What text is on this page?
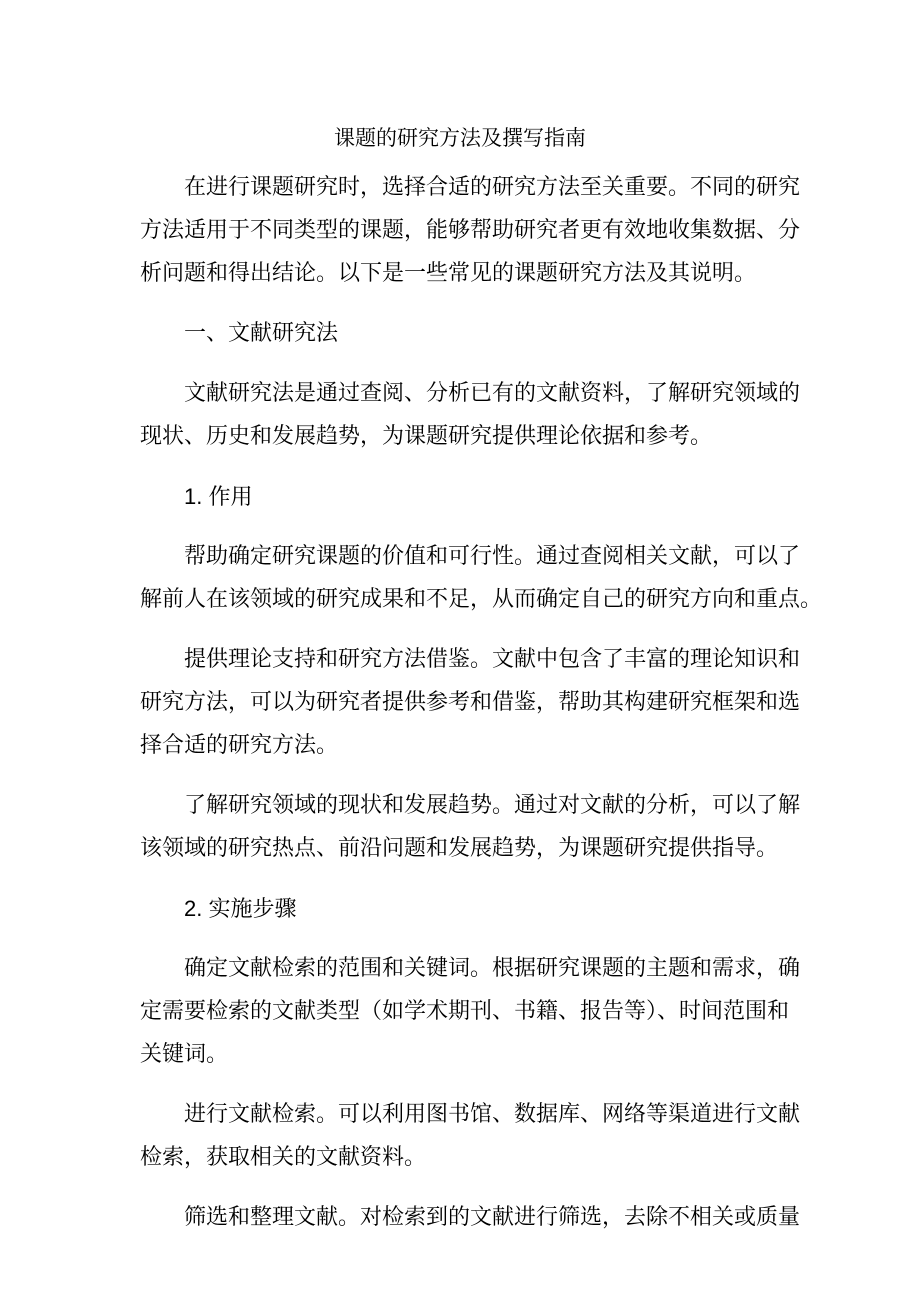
课题的研究方法及撰写指南
在进行课题研究时，选择合适的研究方法至关重要。不同的研究
方法适用于不同类型的课题，能够帮助研究者更有效地收集数据、分
析问题和得出结论。以下是一些常见的课题研究方法及其说明。
一、文献研究法
文献研究法是通过查阅、分析已有的文献资料，了解研究领域的
现状、历史和发展趋势，为课题研究提供理论依据和参考。
1. 作用
帮助确定研究课题的价值和可行性。通过查阅相关文献，可以了
解前人在该领域的研究成果和不足，从而确定自己的研究方向和重点。
提供理论支持和研究方法借鉴。文献中包含了丰富的理论知识和
研究方法，可以为研究者提供参考和借鉴，帮助其构建研究框架和选
择合适的研究方法。
了解研究领域的现状和发展趋势。通过对文献的分析，可以了解
该领域的研究热点、前沿问题和发展趋势，为课题研究提供指导。
2. 实施步骤
确定文献检索的范围和关键词。根据研究课题的主题和需求，确
定需要检索的文献类型（如学术期刊、书籍、报告等）、时间范围和
关键词。
进行文献检索。可以利用图书馆、数据库、网络等渠道进行文献
检索，获取相关的文献资料。
筛选和整理文献。对检索到的文献进行筛选，去除不相关或质量
